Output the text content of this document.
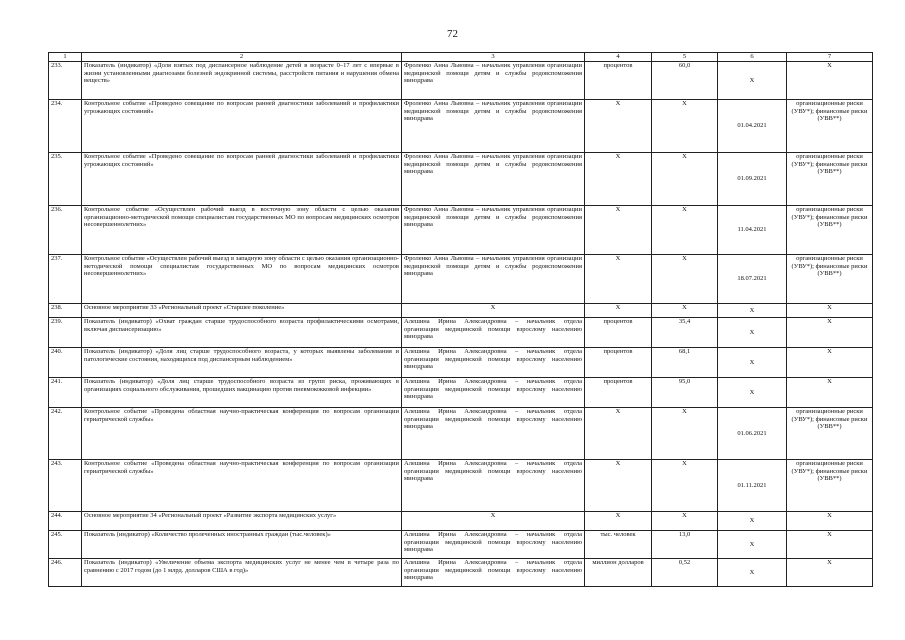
72
1	2	3	4	5	6	7
233.	Показатель (индикатор) «Доля взятых под диспансерное наблюдение детей в возрасте 0–17 лет с впервые в жизни установленными диагнозами болезней эндокринной системы, расстройств питания и нарушения обмена веществ»	Фроленко Анна Львовна – начальник управления организации медицинской помощи детям и службы родовспоможения минздрава	процентов	60,0	X	X
234.	Контрольное событие «Проведено совещание по вопросам ранней диагностики заболеваний и профилактики угрожающих состояний»	Фроленко Анна Львовна – начальник управления организации медицинской помощи детям и службы родовспоможения минздрава	X	X	01.04.2021	организационные риски (УВУ*); финансовые риски (УВВ**)
235.	Контрольное событие «Проведено совещание по вопросам ранней диагностики заболеваний и профилактики угрожающих состояний»	Фроленко Анна Львовна – начальник управления организации медицинской помощи детям и службы родовспоможения минздрава	X	X	01.09.2021	организационные риски (УВУ*); финансовые риски (УВВ**)
236.	Контрольное событие «Осуществлен рабочий выезд в восточную зону области с целью оказания организационно-методической помощи специалистам государственных МО по вопросам медицинских осмотров несовершеннолетних»	Фроленко Анна Львовна – начальник управления организации медицинской помощи детям и службы родовспоможения минздрава	X	X	11.04.2021	организационные риски (УВУ*); финансовые риски (УВВ**)
237.	Контрольное событие «Осуществлен рабочий выезд в западную зону области с целью оказания организационно-методической помощи специалистам государственных МО по вопросам медицинских осмотров несовершеннолетних»	Фроленко Анна Львовна – начальник управления организации медицинской помощи детям и службы родовспоможения минздрава	X	X	18.07.2021	организационные риски (УВУ*); финансовые риски (УВВ**)
238.	Основное мероприятие 33 «Региональный проект «Старшее поколение»	X	X	X	X	X
239.	Показатель (индикатор) «Охват граждан старше трудоспособного возраста профилактическими осмотрами, включая диспансеризацию»	Алешина Ирина Александровна – начальник отдела организации медицинской помощи взрослому населению минздрава	процентов	35,4	X	X
240.	Показатель (индикатор) «Доля лиц старше трудоспособного возраста, у которых выявлены заболевания и патологические состояния, находящихся под диспансерным наблюдением»	Алешина Ирина Александровна – начальник отдела организации медицинской помощи взрослому населению минздрава	процентов	68,1	X	X
241.	Показатель (индикатор) «Доля лиц старше трудоспособного возраста из групп риска, проживающих в организациях социального обслуживания, прошедших вакцинацию против пневмококковой инфекции»	Алешина Ирина Александровна – начальник отдела организации медицинской помощи взрослому населению минздрава	процентов	95,0	X	X
242.	Контрольное событие «Проведена областная научно-практическая конференция по вопросам организации гериатрической службы»	Алешина Ирина Александровна – начальник отдела организации медицинской помощи взрослому населению минздрава	X	X	01.06.2021	организационные риски (УВУ*); финансовые риски (УВВ**)
243.	Контрольное событие «Проведена областная научно-практическая конференция по вопросам организации гериатрической службы»	Алешина Ирина Александровна – начальник отдела организации медицинской помощи взрослому населению минздрава	X	X	01.11.2021	организационные риски (УВУ*); финансовые риски (УВВ**)
244.	Основное мероприятие 34 «Региональный проект «Развитие экспорта медицинских услуг»	X	X	X	X	X
245.	Показатель (индикатор) «Количество пролеченных иностранных граждан (тыс.человек)»	Алешина Ирина Александровна – начальник отдела организации медицинской помощи взрослому населению минздрава	тыс. человек	13,0	X	X
246.	Показатель (индикатор) «Увеличение объема экспорта медицинских услуг не менее чем в четыре раза по сравнению с 2017 годом (до 1 млрд. долларов США в год)»	Алешина Ирина Александровна – начальник отдела организации медицинской помощи взрослому населению минздрава	миллион долларов	0,52	X	X
